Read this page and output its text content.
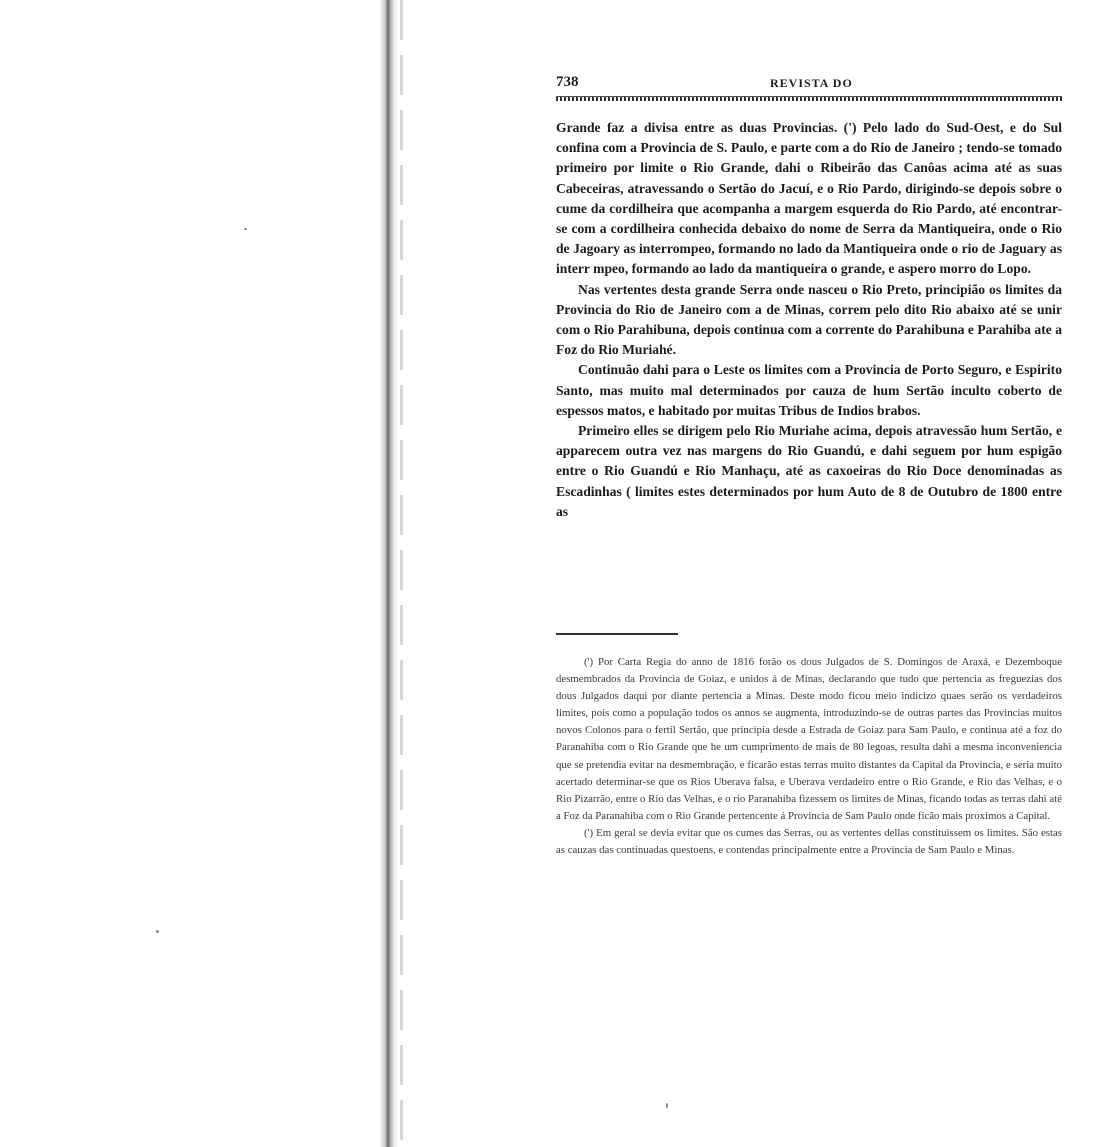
738	REVISTA DO

Grande faz a divisa entre as duas Provincias. (') Pelo lado do Sud-Oest, e do Sul confina com a Provincia de S. Paulo, e parte com a do Rio de Janeiro ; tendo-se tomado primeiro por limite o Rio Grande, dahi o Ribeirão das Canôas acima até as suas Cabeceiras, atravessando o Sertão do Jacuí, e o Rio Pardo, dirigindo-se depois sobre o cume da cordilheira que acompanha a margem esquerda do Rio Pardo, até encontrar-se com a cordilheira conhecida debaixo do nome de Serra da Mantiqueira, onde o Rio de Jagoary as interrompeo, formando no lado da Mantiqueira onde o rio de Jaguary as interr mpeo, formando ao lado da mantiqueira o grande, e aspero morro do Lopo.

Nas vertentes desta grande Serra onde nasceu o Rio Preto, principião os limites da Provincia do Rio de Janeiro com a de Minas, correm pelo dito Rio abaixo até se unir com o Rio Parahibuna, depois continua com a corrente do Parahibuna e Parahiba ate a Foz do Rio Muriahé.

Continuão dahi para o Leste os limites com a Provincia de Porto Seguro, e Espirito Santo, mas muito mal determinados por cauza de hum Sertão inculto coberto de espessos matos, e habitado por muitas Tribus de Indios brabos.

Primeiro elles se dirigem pelo Rio Muriahe acima, depois atravessão hum Sertão, e apparecem outra vez nas margens do Rio Guandú, e dahi seguem por hum espigão entre o Rio Guandú e Rio Manhaçu, até as caxoeiras do Rio Doce denominadas as Escadinhas ( limites estes determinados por hum Auto de 8 de Outubro de 1800 entre as

(') Por Carta Regia do anno de 1816 forão os dous Julgados de S. Domingos de Araxá, e Dezemboque desmembrados da Provincia de Goiaz, e unidos á de Minas, declarando que tudo que pertencia as freguezias dos dous Julgados daqui por diante pertencia a Minas. Deste modo ficou meio indicizo quaes serão os verdadeiros limites, pois como a população todos os annos se augmenta, introduzindo-se de outras partes das Provincias muitos novos Colonos para o fertil Sertão, que principia desde a Estrada de Goiaz para Sam Paulo, e continua até a foz do Paranahiba com o Rio Grande que he um cumprimento de mais de 80 legoas, resulta dahi a mesma inconveniencia que se pretendia evitar na desmembração, e ficarão estas terras muito distantes da Capital da Provincia, e seria muito acertado determinar-se que os Rios Uberava falsa, e Uberava verdadeiro entre o Rio Grande, e Rio das Velhas, e o Rio Pizarrão, entre o Rio das Velhas, e o rio Paranahiba fizessem os limites de Minas, ficando todas as terras dahi até a Foz da Paranahiba com o Rio Grande pertencente á Provincia de Sam Paulo onde ficão mais proximos a Capital.

(') Em geral se devia evitar que os cumes das Serras, ou as vertentes dellas constituissem os limites. São estas as cauzas das continuadas questoens, e contendas principalmente entre a Provincia de Sam Paulo e Minas.
